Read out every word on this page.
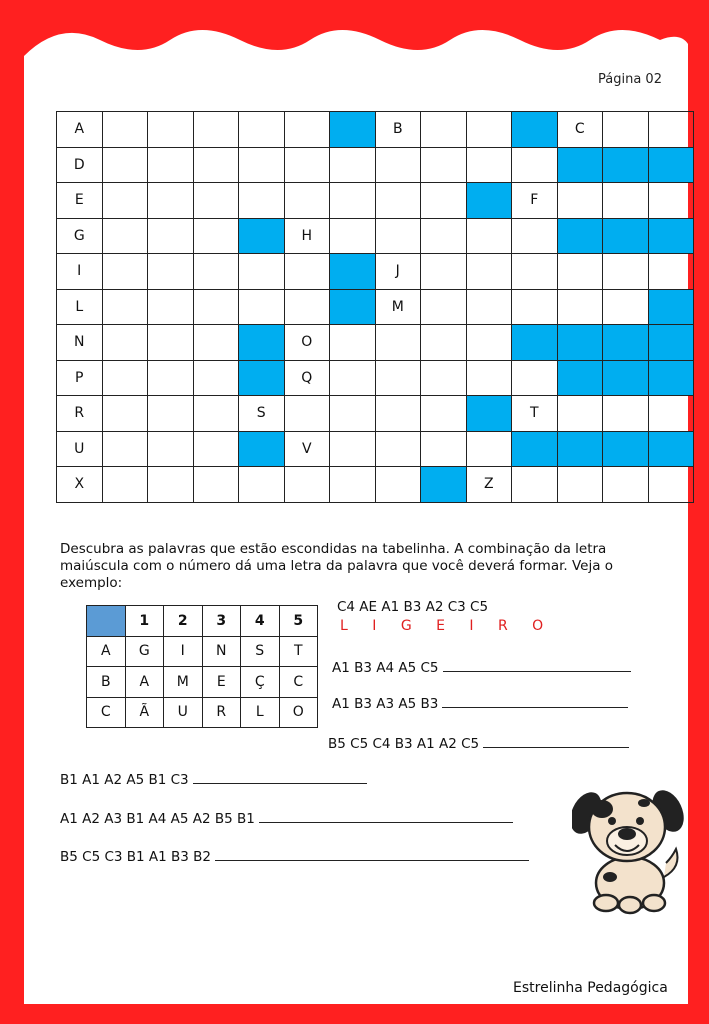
Página 02
A							B				C		
D													
E										F			
G					H								
I							J						
L							M						
N					O								
P					Q								
R				S						T			
U					V								
X									Z				
Descubra as palavras que estão escondidas na tabelinha. A combinação da letra maiúscula com o número dá uma letra da palavra que você deverá formar. Veja o exemplo:
	1	2	3	4	5
A	G	I	N	S	T
B	A	M	E	Ç	C
C	Ã	U	R	L	O
C4 AE A1 B3 A2 C3 C5
L I G E I R O
A1 B3 A4 A5 C5
A1 B3 A3 A5 B3
B5 C5 C4 B3 A1 A2 C5
B1 A1 A2 A5 B1 C3
A1 A2 A3 B1 A4 A5 A2 B5 B1
B5 C5 C3 B1 A1 B3 B2
Estrelinha Pedagógica
